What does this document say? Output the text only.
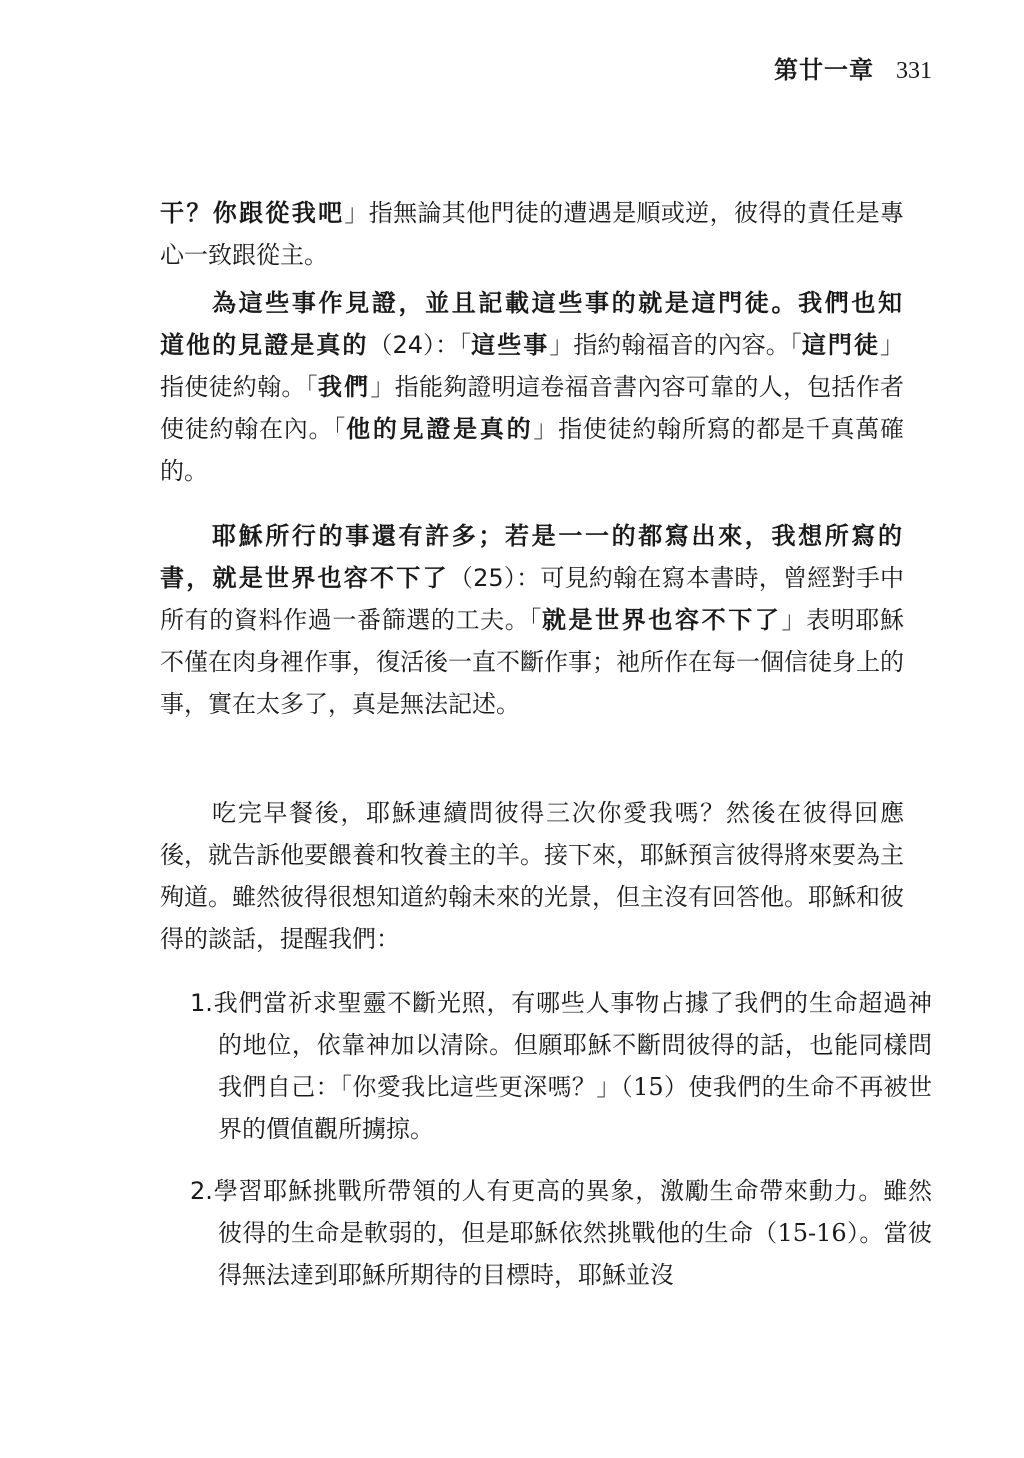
第廿一章 331

干？你跟從我吧」指無論其他門徒的遭遇是順或逆，彼得的責任是專心一致跟從主。

為這些事作見證，並且記載這些事的就是這門徒。我們也知道他的見證是真的（24）：「這些事」指約翰福音的內容。「這門徒」指使徒約翰。「我們」指能夠證明這卷福音書內容可靠的人，包括作者使徒約翰在內。「他的見證是真的」指使徒約翰所寫的都是千真萬確的。

耶穌所行的事還有許多；若是一一的都寫出來，我想所寫的書，就是世界也容不下了（25）：可見約翰在寫本書時，曾經對手中所有的資料作過一番篩選的工夫。「就是世界也容不下了」表明耶穌不僅在肉身裡作事，復活後一直不斷作事；祂所作在每一個信徒身上的事，實在太多了，真是無法記述。

吃完早餐後，耶穌連續問彼得三次你愛我嗎？然後在彼得回應後，就告訴他要餵養和牧養主的羊。接下來，耶穌預言彼得將來要為主殉道。雖然彼得很想知道約翰未來的光景，但主沒有回答他。耶穌和彼得的談話，提醒我們：

1.我們當祈求聖靈不斷光照，有哪些人事物占據了我們的生命超過神的地位，依靠神加以清除。但願耶穌不斷問彼得的話，也能同樣問我們自己：「你愛我比這些更深嗎？」（15）使我們的生命不再被世界的價值觀所擄掠。

2.學習耶穌挑戰所帶領的人有更高的異象，激勵生命帶來動力。雖然彼得的生命是軟弱的，但是耶穌依然挑戰他的生命（15-16）。當彼得無法達到耶穌所期待的目標時，耶穌並沒
